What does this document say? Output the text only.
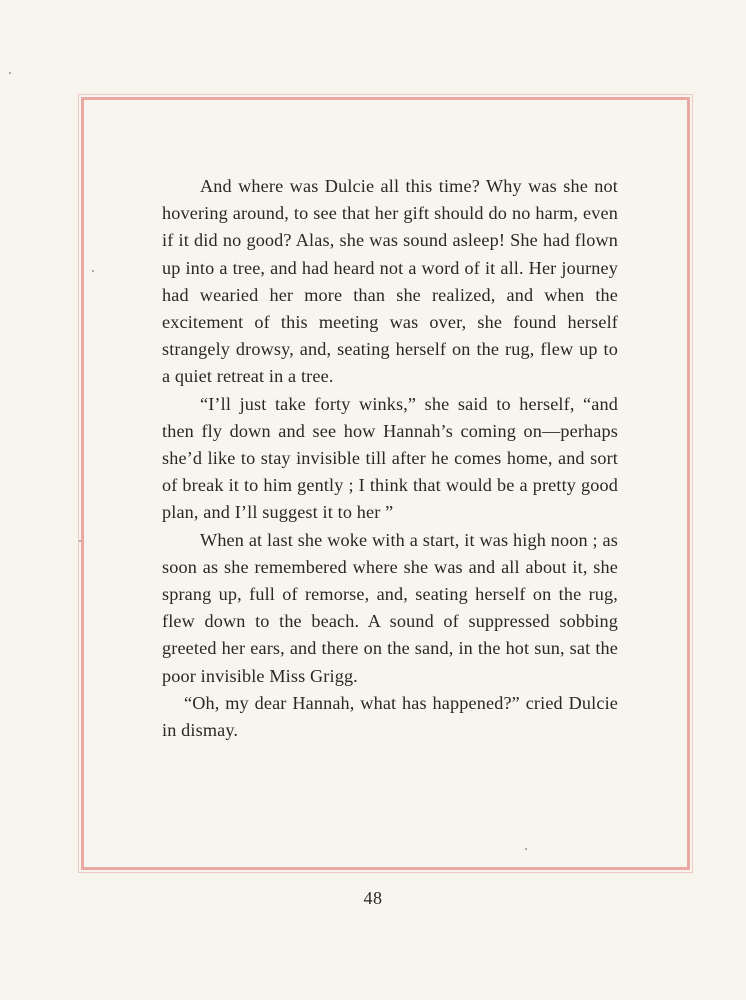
And where was Dulcie all this time? Why was she not hovering around, to see that her gift should do no harm, even if it did no good? Alas, she was sound asleep! She had flown up into a tree, and had heard not a word of it all. Her journey had wearied her more than she realized, and when the excitement of this meeting was over, she found herself strangely drowsy, and, seating herself on the rug, flew up to a quiet retreat in a tree.

“I’ll just take forty winks,” she said to herself, “and then fly down and see how Hannah’s coming on—perhaps she’d like to stay invisible till after he comes home, and sort of break it to him gently ; I think that would be a pretty good plan, and I’ll suggest it to her ”

When at last she woke with a start, it was high noon ; as soon as she remembered where she was and all about it, she sprang up, full of remorse, and, seating herself on the rug, flew down to the beach. A sound of suppressed sobbing greeted her ears, and there on the sand, in the hot sun, sat the poor invisible Miss Grigg.

“Oh, my dear Hannah, what has happened?” cried Dulcie in dismay.

48
